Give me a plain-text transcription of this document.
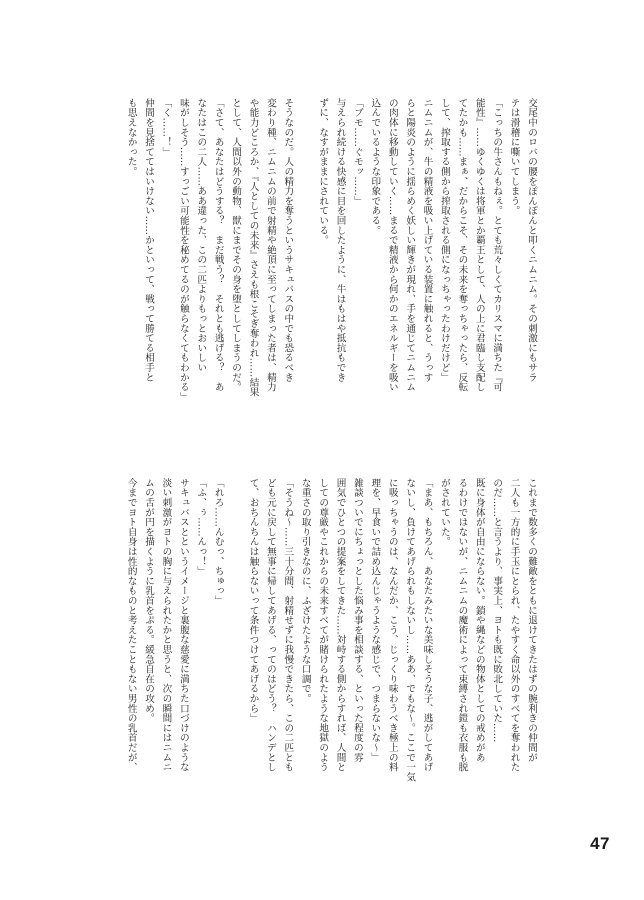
交尾中のロバの腰をぽんぽんと叩くニムニム。その刺激にもサラ
テは滑稽に嘶いてしまう。
「こっちの牛さんもねぇ。とても荒々しくてカリスマに満ちた『可
能性』……ゆくゆくは将軍とか覇王として、人の上に君臨し支配し
てたかも……まぁ、だからこそ、その未来を奪っちゃったら、反転
して、搾取する側から搾取される側になっちゃったわけだけど」
ニムニムが、牛の精液を吸い上げている装置に触れると、うっす
らと陽炎のように揺らめく妖しい輝きが現れ、手を通じてニムニム
の肉体に移動していく……まるで精液から何かのエネルギーを吸い
込んでいるような印象である。
「ブモ……ぐモッ……」
与えられ続ける快感に目を回したように、牛はもはや抵抗もでき
ずに、なすがままにされている。

そうなのだ。人の精力を奪うというサキュバスの中でも恐るべき
変わり種、ニムニムの前で射精や絶頂に至ってしまった者は、精力
や能力どころか、『人としての未来』さえも根こそぎ奪われ……結果
として、人間以外の動物、獣にまでその身を堕としてしまうのだ。
「さて、あなたはどうする？　まだ戦う？　それとも逃げる？　あ
なたはこの二人……ああ違った、この二匹よりもっとおいしい
味がしそう……すっごい可能性を秘めてるのが触らなくてもわかる」
「く……！」
仲間を見捨ててはいけない……かといって、戦って勝てる相手と
も思えなかった。
これまで数多くの難敵をともに退けてきたはずの腕利きの仲間が
二人も一方的に手玉にとられ、たやすく命以外のすべてを奪われた
のだ……と言うより、事実上、ヨトも既に敗北していた……
既に身体が自由にならない。鎖や縄などの物体としての戒めがあ
るわけではないが、ニムニムの魔術によって束縛され鎧も衣服も脱
がされていた。
「まあ、もちろん、あなたみたいな美味しそうな子、逃がしてあげ
ないし、負けてあげられもしないし……ああ、でもな～。ここで一気
に吸っちゃうのは、なんだか、こう、じっくり味わうべき極上の料
理を、早食いで詰め込んじゃうような感じで、つまらないな～」
雑談ついでにちょっとした悩み事を相談する、といった程度の雰
囲気でひとつの提案をしてきた……対峙する側からすれば、人間と
しての尊厳やこれからの未来すべてが賭けられたような地獄のよう
な重さの取り引きなのに、ふざけたような口調で。
「そうね～……三十分間、射精せずに我慢できたら、この二匹とも
ども元に戻して無事に帰してあげる、ってのはどう？　ハンデとし
て、おちんちんは触らないって条件つけてあげるから」

「れろ……んむっ、ちゅっ」
「ふ、ぅ……んっ！」
サキュバスとというイメージと裏腹な慈愛に満ちた口づけのような
淡い刺激がヨトの胸に与えられたかと思うと、次の瞬間にはニムニ
ムの舌が円を描くように乳首をぷる。緩急自在の攻め。
今までヨト自身は性的なものと考えたこともない男性の乳首だが、
47
